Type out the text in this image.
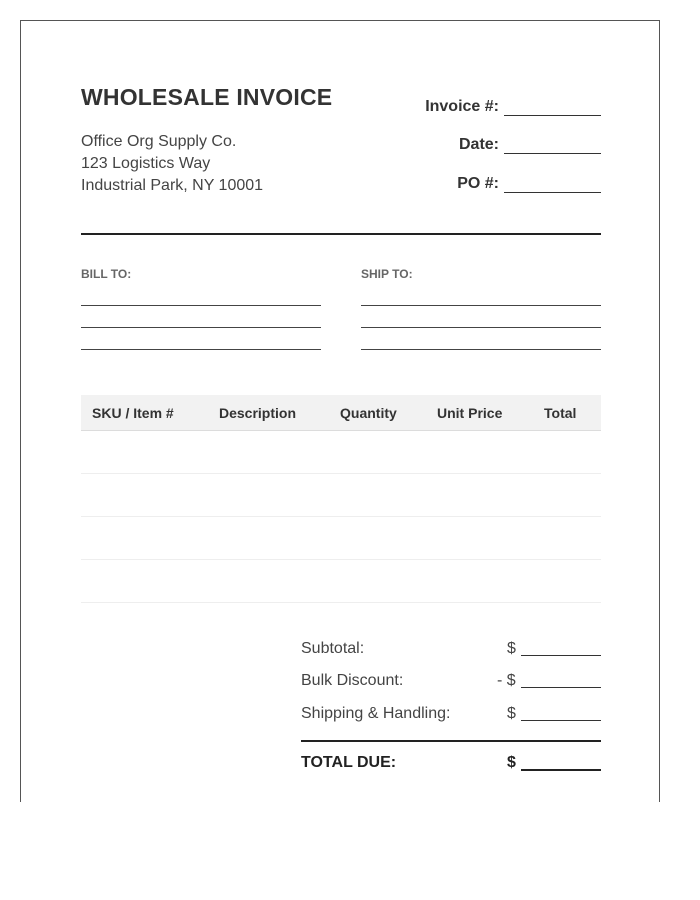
WHOLESALE INVOICE
Office Org Supply Co.
123 Logistics Way
Industrial Park, NY 10001
Invoice #:
Date:
PO #:
BILL TO:	SHIP TO:
SKU / Item #	Description	Quantity	Unit Price	Total
Subtotal:	$
Bulk Discount:	- $
Shipping & Handling:	$
TOTAL DUE:	$
